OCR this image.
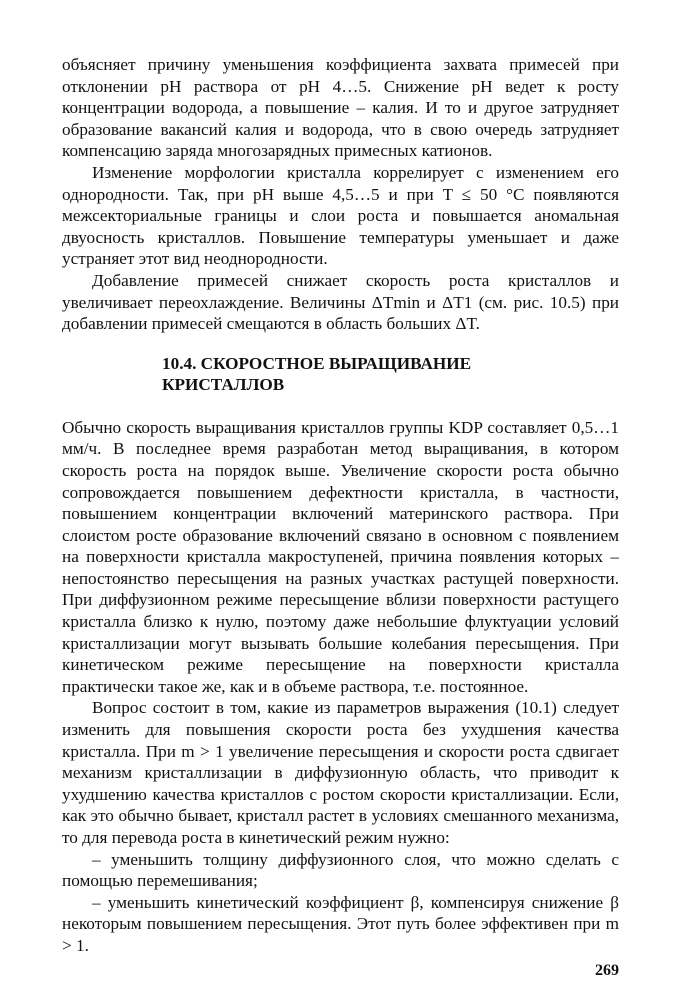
объясняет причину уменьшения коэффициента захвата примесей при отклонении pH раствора от pH 4…5. Снижение pH ведет к росту концентрации водорода, а повышение – калия. И то и другое затрудняет образование вакансий калия и водорода, что в свою очередь затрудняет компенсацию заряда многозарядных примесных катионов.

Изменение морфологии кристалла коррелирует с изменением его однородности. Так, при pH выше 4,5…5 и при T ≤ 50 °C появляются межсекториальные границы и слои роста и повышается аномальная двуосность кристаллов. Повышение температуры уменьшает и даже устраняет этот вид неоднородности.

Добавление примесей снижает скорость роста кристаллов и увеличивает переохлаждение. Величины ΔTmin и ΔT1 (см. рис. 10.5) при добавлении примесей смещаются в область больших ΔT.

10.4. СКОРОСТНОЕ ВЫРАЩИВАНИЕ
КРИСТАЛЛОВ

Обычно скорость выращивания кристаллов группы KDP составляет 0,5…1 мм/ч. В последнее время разработан метод выращивания, в котором скорость роста на порядок выше. Увеличение скорости роста обычно сопровождается повышением дефектности кристалла, в частности, повышением концентрации включений материнского раствора. При слоистом росте образование включений связано в основном с появлением на поверхности кристалла макроступеней, причина появления которых – непостоянство пересыщения на разных участках растущей поверхности. При диффузионном режиме пересыщение вблизи поверхности растущего кристалла близко к нулю, поэтому даже небольшие флуктуации условий кристаллизации могут вызывать большие колебания пересыщения. При кинетическом режиме пересыщение на поверхности кристалла практически такое же, как и в объеме раствора, т.е. постоянное.

Вопрос состоит в том, какие из параметров выражения (10.1) следует изменить для повышения скорости роста без ухудшения качества кристалла. При m > 1 увеличение пересыщения и скорости роста сдвигает механизм кристаллизации в диффузионную область, что приводит к ухудшению качества кристаллов с ростом скорости кристаллизации. Если, как это обычно бывает, кристалл растет в условиях смешанного механизма, то для перевода роста в кинетический режим нужно:

– уменьшить толщину диффузионного слоя, что можно сделать с помощью перемешивания;

– уменьшить кинетический коэффициент β, компенсируя снижение β некоторым повышением пересыщения. Этот путь более эффективен при m > 1.

269
